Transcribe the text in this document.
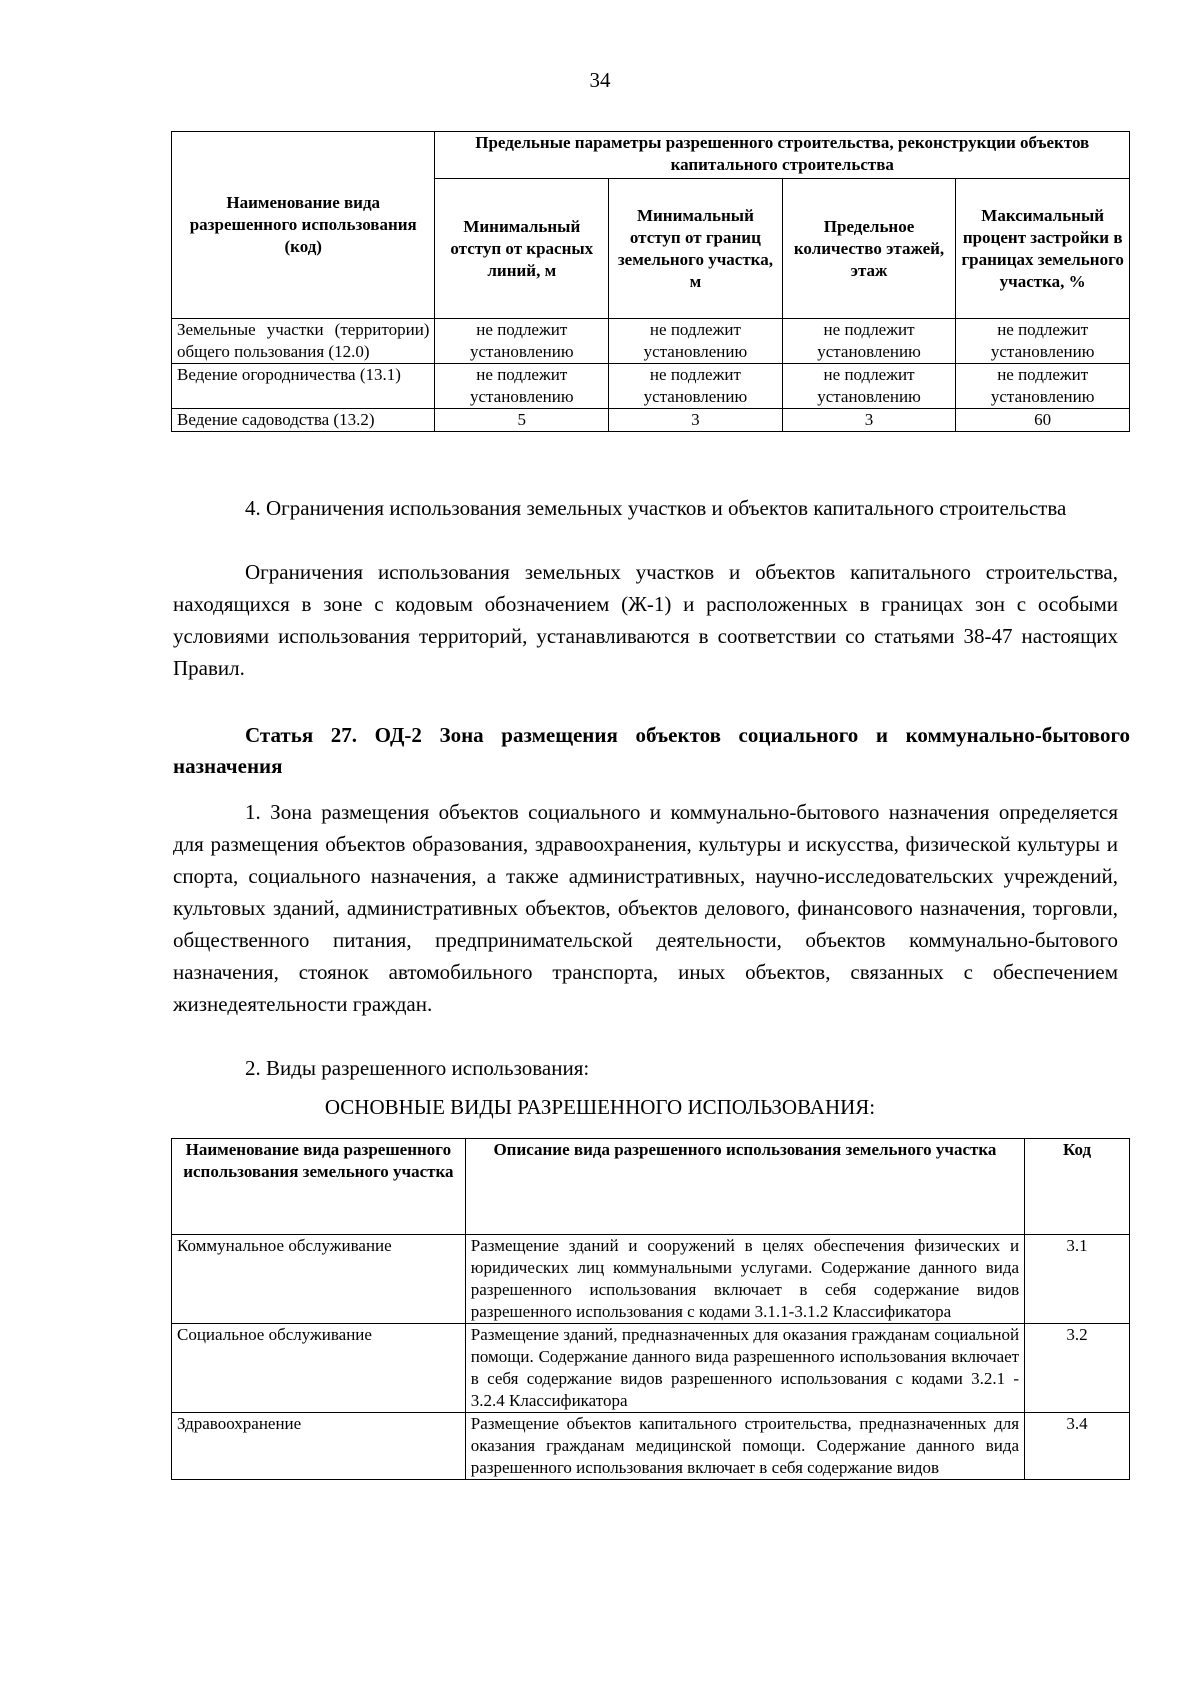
34
Наименование вида разрешенного использования (код)	Предельные параметры разрешенного строительства, реконструкции объектов капитального строительства			
	Минимальный отступ от красных линий, м	Минимальный отступ от границ земельного участка, м	Предельное количество этажей, этаж	Максимальный процент застройки в границах земельного участка, %
Земельные участки (территории) общего пользования (12.0)	не подлежит установлению	не подлежит установлению	не подлежит установлению	не подлежит установлению
Ведение огородничества (13.1)	не подлежит установлению	не подлежит установлению	не подлежит установлению	не подлежит установлению
Ведение садоводства (13.2)	5	3	3	60

4. Ограничения использования земельных участков и объектов капитального строительства

Ограничения использования земельных участков и объектов капитального строительства, находящихся в зоне с кодовым обозначением (Ж-1) и расположенных в границах зон с особыми условиями использования территорий, устанавливаются в соответствии со статьями 38-47 настоящих Правил.

Статья 27. ОД-2 Зона размещения объектов социального и коммунально-бытового назначения

1. Зона размещения объектов социального и коммунально-бытового назначения определяется для размещения объектов образования, здравоохранения, культуры и искусства, физической культуры и спорта, социального назначения, а также административных, научно-исследовательских учреждений, культовых зданий, административных объектов, объектов делового, финансового назначения, торговли, общественного питания, предпринимательской деятельности, объектов коммунально-бытового назначения, стоянок автомобильного транспорта, иных объектов, связанных с обеспечением жизнедеятельности граждан.

2. Виды разрешенного использования:

ОСНОВНЫЕ ВИДЫ РАЗРЕШЕННОГО ИСПОЛЬЗОВАНИЯ:

Наименование вида разрешенного использования земельного участка	Описание вида разрешенного использования земельного участка	Код
Коммунальное обслуживание	Размещение зданий и сооружений в целях обеспечения физических и юридических лиц коммунальными услугами. Содержание данного вида разрешенного использования включает в себя содержание видов разрешенного использования с кодами 3.1.1-3.1.2 Классификатора	3.1
Социальное обслуживание	Размещение зданий, предназначенных для оказания гражданам социальной помощи. Содержание данного вида разрешенного использования включает в себя содержание видов разрешенного использования с кодами 3.2.1 - 3.2.4 Классификатора	3.2
Здравоохранение	Размещение объектов капитального строительства, предназначенных для оказания гражданам медицинской помощи. Содержание данного вида разрешенного использования включает в себя содержание видов	3.4
